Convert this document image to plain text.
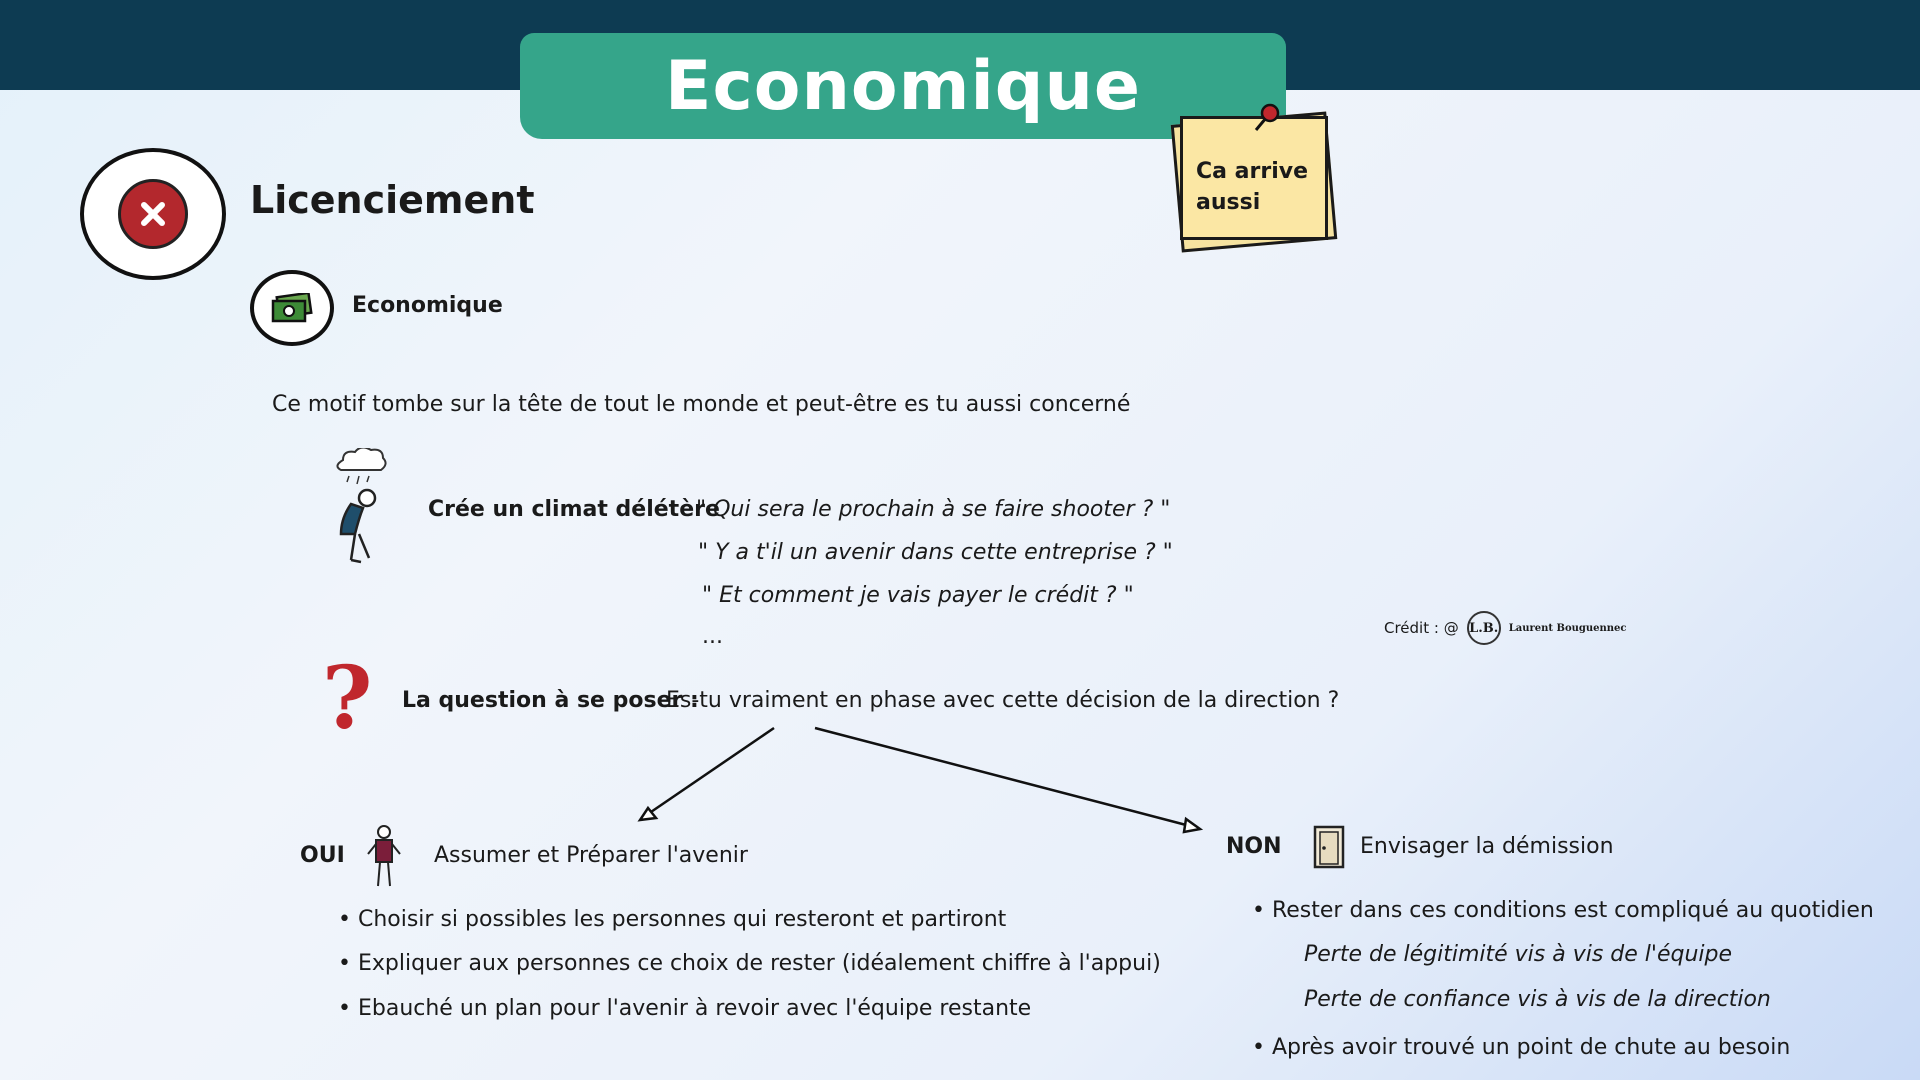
Economique
Ca arrive aussi
Licenciement
Economique
Ce motif tombe sur la tête de tout le monde et peut-être es tu aussi concerné
Crée un climat délétère
" Qui sera le prochain à se faire shooter ? "
" Y a t'il un avenir dans cette entreprise ? "
" Et comment je vais payer le crédit ? "
...	Crédit : @ L.B. Laurent Bouguennec
? La question à se poser :
Es-tu vraiment en phase avec cette décision de la direction ?
OUI	Assumer et Préparer l'avenir
• Choisir si possibles les personnes qui resteront et partiront
• Expliquer aux personnes ce choix de rester (idéalement chiffre à l'appui)
• Ebauché un plan pour l'avenir à revoir avec l'équipe restante
NON	Envisager la démission
• Rester dans ces conditions est compliqué au quotidien
Perte de légitimité vis à vis de l'équipe
Perte de confiance vis à vis de la direction
• Après avoir trouvé un point de chute au besoin
